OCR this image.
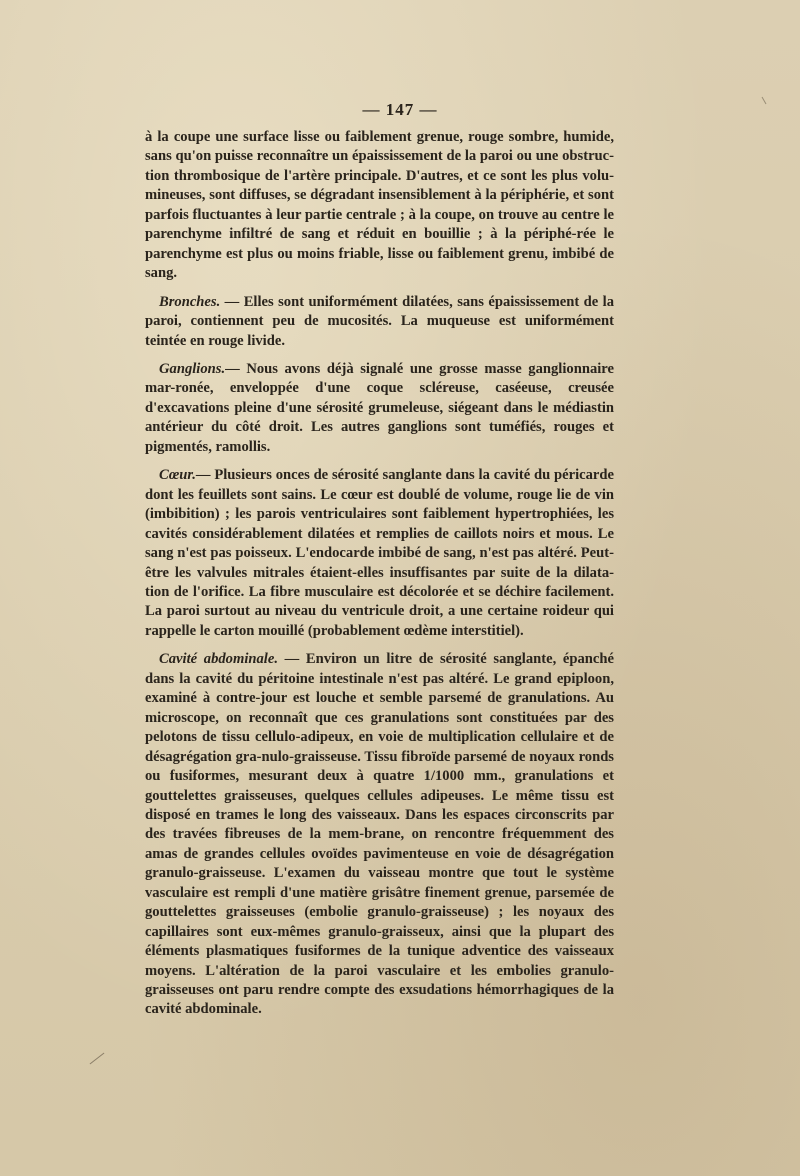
— 147 —

à la coupe une surface lisse ou faiblement grenue, rouge sombre, humide, sans qu'on puisse reconnaître un épaississement de la paroi ou une obstruc-tion thrombosique de l'artère principale. D'autres, et ce sont les plus volu-mineuses, sont diffuses, se dégradant insensiblement à la périphérie, et sont parfois fluctuantes à leur partie centrale ; à la coupe, on trouve au centre le parenchyme infiltré de sang et réduit en bouillie ; à la périphé-rée le parenchyme est plus ou moins friable, lisse ou faiblement grenu, imbibé de sang.

Bronches. — Elles sont uniformément dilatées, sans épaississement de la paroi, contiennent peu de mucosités. La muqueuse est uniformément teintée en rouge livide.

Ganglions.— Nous avons déjà signalé une grosse masse ganglionnaire mar-ronée, enveloppée d'une coque scléreuse, caséeuse, creusée d'excavations pleine d'une sérosité grumeleuse, siégeant dans le médiastin antérieur du côté droit. Les autres ganglions sont tuméfiés, rouges et pigmentés, ramollis.

Cœur.— Plusieurs onces de sérosité sanglante dans la cavité du péricarde dont les feuillets sont sains. Le cœur est doublé de volume, rouge lie de vin (imbibition) ; les parois ventriculaires sont faiblement hypertrophiées, les cavités considérablement dilatées et remplies de caillots noirs et mous. Le sang n'est pas poisseux. L'endocarde imbibé de sang, n'est pas altéré. Peut-être les valvules mitrales étaient-elles insuffisantes par suite de la dilata-tion de l'orifice. La fibre musculaire est décolorée et se déchire facilement. La paroi surtout au niveau du ventricule droit, a une certaine roideur qui rappelle le carton mouillé (probablement œdème interstitiel).

Cavité abdominale. — Environ un litre de sérosité sanglante, épanché dans la cavité du péritoine intestinale n'est pas altéré. Le grand epiploon, examiné à contre-jour est louche et semble parsemé de granulations. Au microscope, on reconnaît que ces granulations sont constituées par des pelotons de tissu cellulo-adipeux, en voie de multiplication cellulaire et de désagrégation gra-nulo-graisseuse. Tissu fibroïde parsemé de noyaux ronds ou fusiformes, mesurant deux à quatre 1/1000 mm., granulations et gouttelettes graisseuses, quelques cellules adipeuses. Le même tissu est disposé en trames le long des vaisseaux. Dans les espaces circonscrits par des travées fibreuses de la mem-brane, on rencontre fréquemment des amas de grandes cellules ovoïdes pavimenteuse en voie de désagrégation granulo-graisseuse. L'examen du vaisseau montre que tout le système vasculaire est rempli d'une matière grisâtre finement grenue, parsemée de gouttelettes graisseuses (embolie granulo-graisseuse) ; les noyaux des capillaires sont eux-mêmes granulo-graisseux, ainsi que la plupart des éléments plasmatiques fusiformes de la tunique adventice des vaisseaux moyens. L'altération de la paroi vasculaire et les embolies granulo-graisseuses ont paru rendre compte des exsudations hémorrhagiques de la cavité abdominale.
